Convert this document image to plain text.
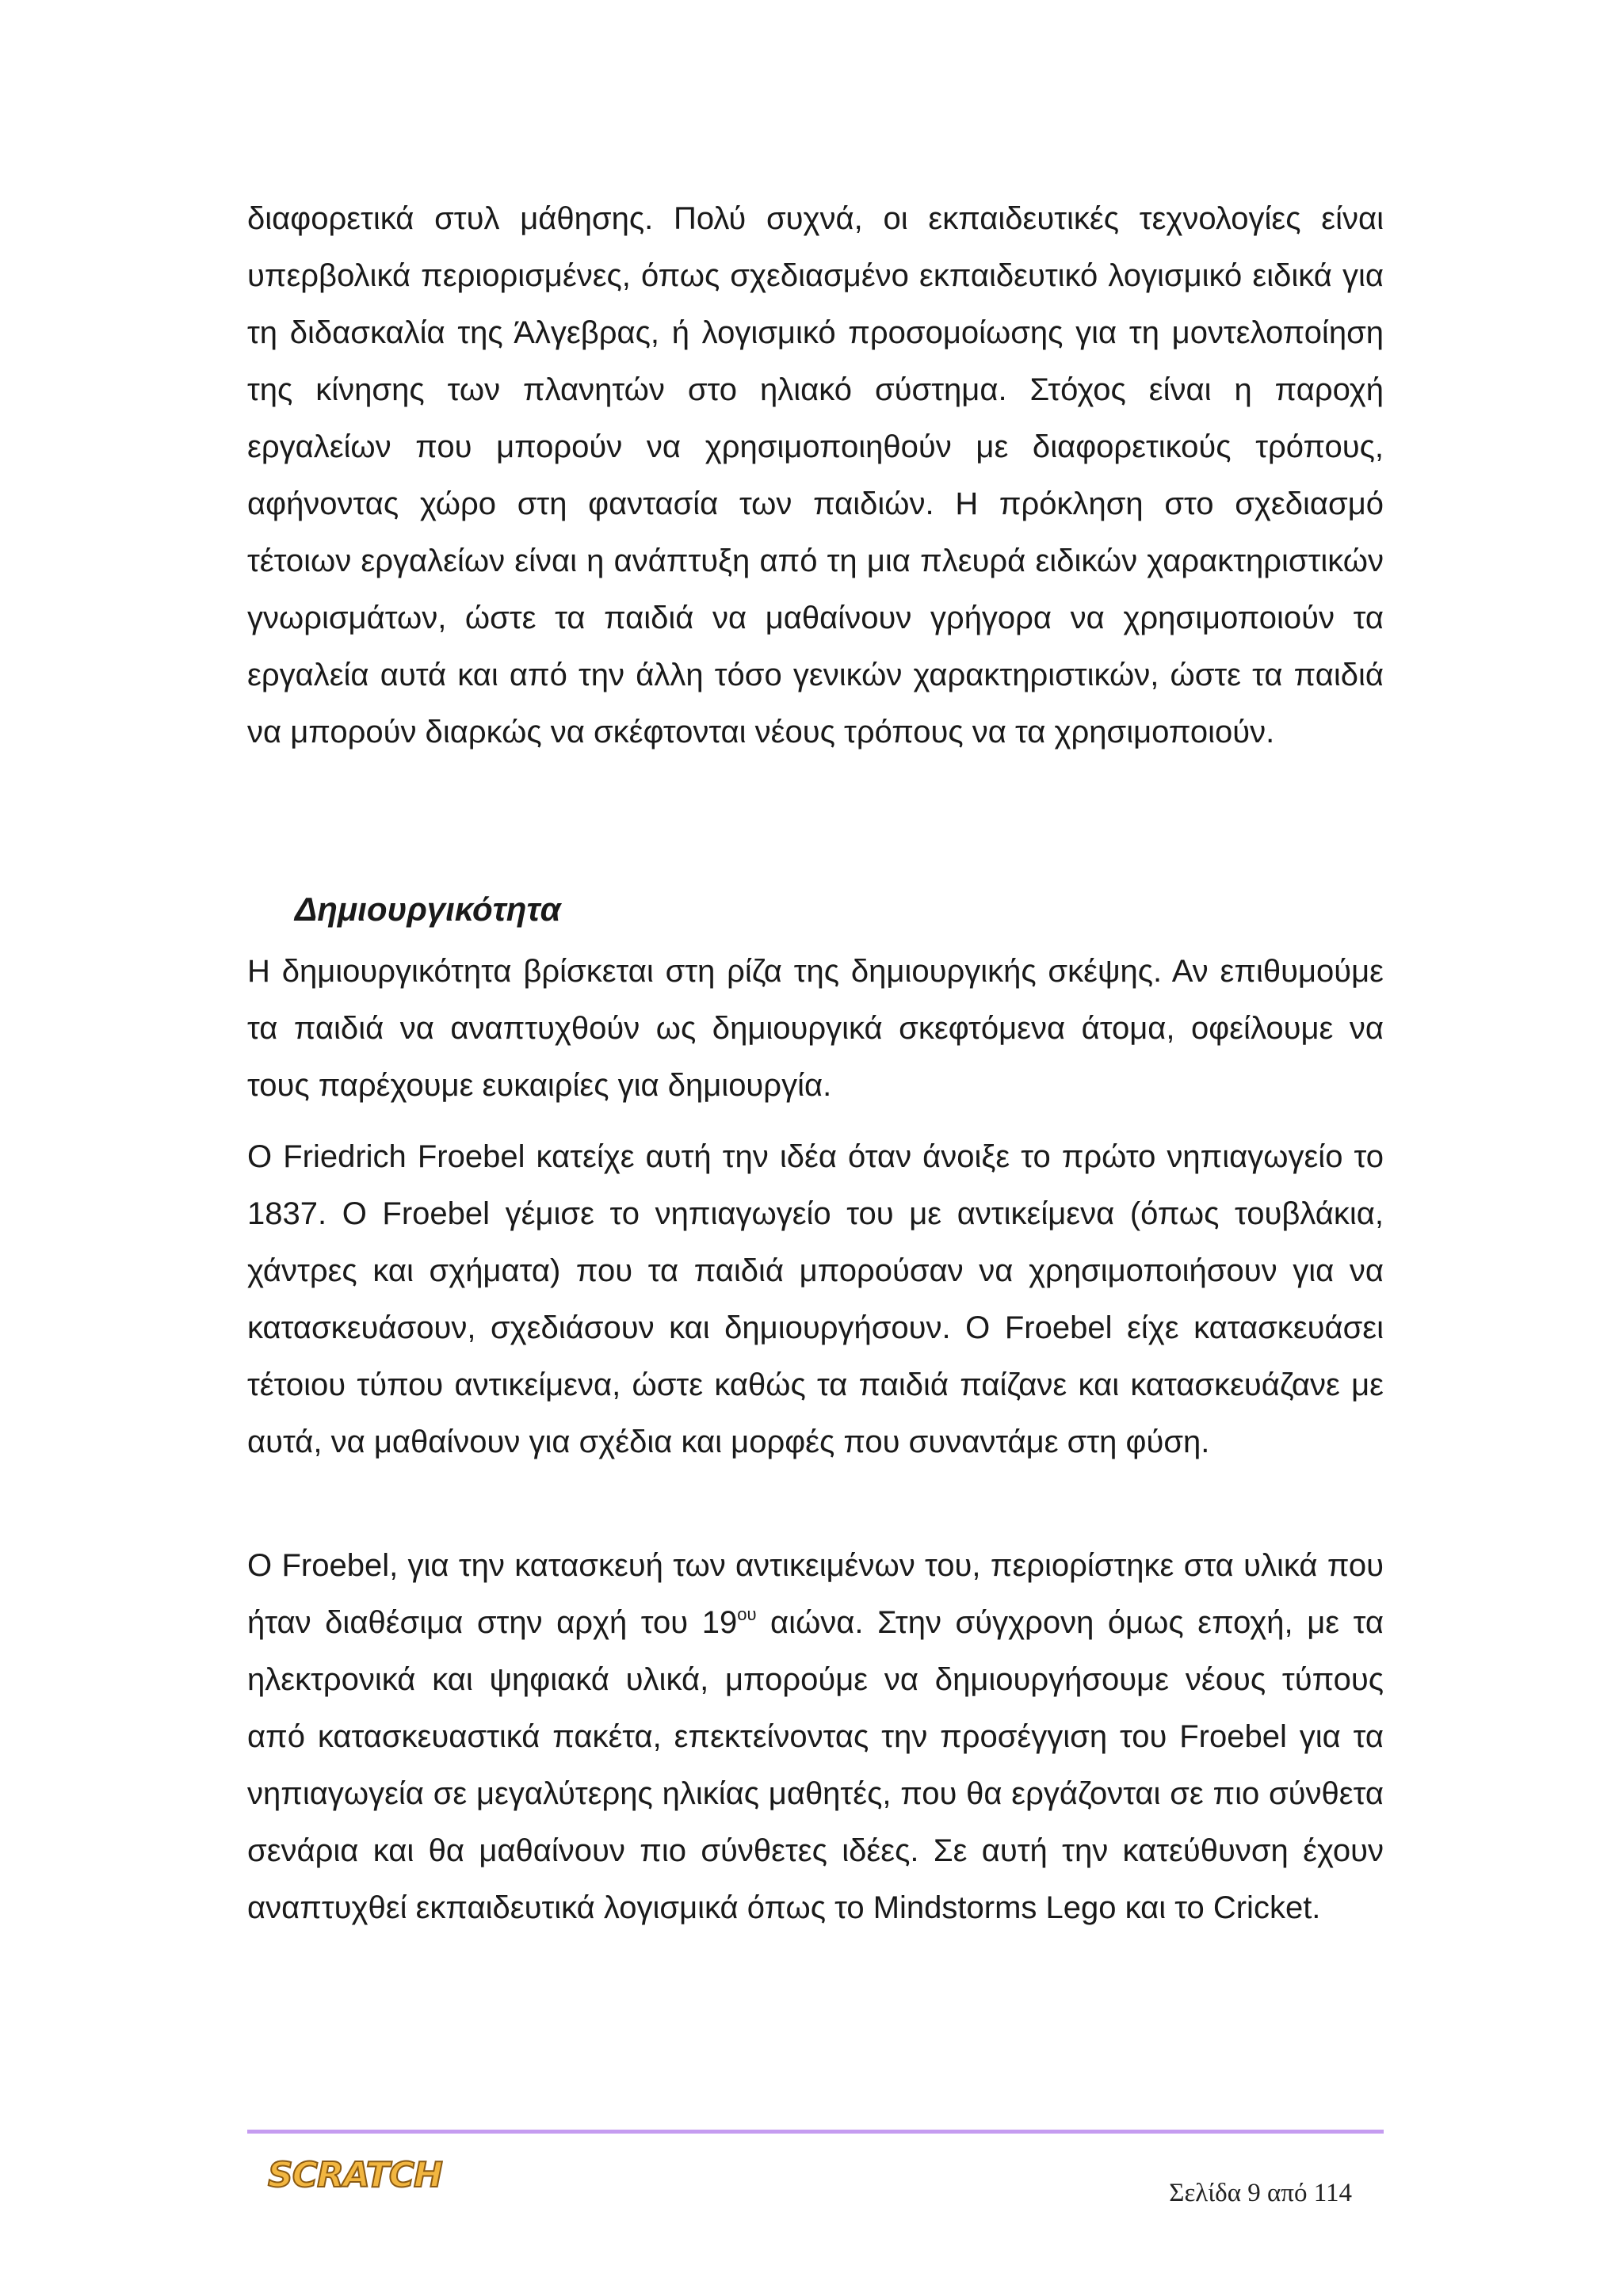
διαφορετικά στυλ μάθησης. Πολύ συχνά, οι εκπαιδευτικές τεχνολογίες είναι υπερβολικά περιορισμένες, όπως σχεδιασμένο εκπαιδευτικό λογισμικό ειδικά για τη διδασκαλία της Άλγεβρας, ή λογισμικό προσομοίωσης για τη μοντελοποίηση της κίνησης των πλανητών στο ηλιακό σύστημα. Στόχος είναι η παροχή εργαλείων που μπορούν να χρησιμοποιηθούν με διαφορετικούς τρόπους, αφήνοντας χώρο στη φαντασία των παιδιών. Η πρόκληση στο σχεδιασμό τέτοιων εργαλείων είναι η ανάπτυξη από τη μια πλευρά ειδικών χαρακτηριστικών γνωρισμάτων, ώστε τα παιδιά να μαθαίνουν γρήγορα να χρησιμοποιούν τα εργαλεία αυτά και από την άλλη τόσο γενικών χαρακτηριστικών, ώστε τα παιδιά να μπορούν διαρκώς να σκέφτονται νέους τρόπους να τα χρησιμοποιούν.

Δημιουργικότητα

Η δημιουργικότητα βρίσκεται στη ρίζα της δημιουργικής σκέψης. Αν επιθυμούμε τα παιδιά να αναπτυχθούν ως δημιουργικά σκεφτόμενα άτομα, οφείλουμε να τους παρέχουμε ευκαιρίες για δημιουργία.

Ο Friedrich Froebel κατείχε αυτή την ιδέα όταν άνοιξε το πρώτο νηπιαγωγείο το 1837. Ο Froebel γέμισε το νηπιαγωγείο του με αντικείμενα (όπως τουβλάκια, χάντρες και σχήματα) που τα παιδιά μπορούσαν να χρησιμοποιήσουν για να κατασκευάσουν, σχεδιάσουν και δημιουργήσουν. Ο Froebel είχε κατασκευάσει τέτοιου τύπου αντικείμενα, ώστε καθώς τα παιδιά παίζανε και κατασκευάζανε με αυτά, να μαθαίνουν για σχέδια και μορφές που συναντάμε στη φύση.

Ο Froebel, για την κατασκευή των αντικειμένων του, περιορίστηκε στα υλικά που ήταν διαθέσιμα στην αρχή του $19^{o\upsilon}$ αιώνα. Στην σύγχρονη όμως εποχή, με τα ηλεκτρονικά και ψηφιακά υλικά, μπορούμε να δημιουργήσουμε νέους τύπους από κατασκευαστικά πακέτα, επεκτείνοντας την προσέγγιση του Froebel για τα νηπιαγωγεία σε μεγαλύτερης ηλικίας μαθητές, που θα εργάζονται σε πιο σύνθετα σενάρια και θα μαθαίνουν πιο σύνθετες ιδέες. Σε αυτή την κατεύθυνση έχουν αναπτυχθεί εκπαιδευτικά λογισμικά όπως το Mindstorms Lego και το Cricket.

SCRATCH	Σελίδα 9 από 114
